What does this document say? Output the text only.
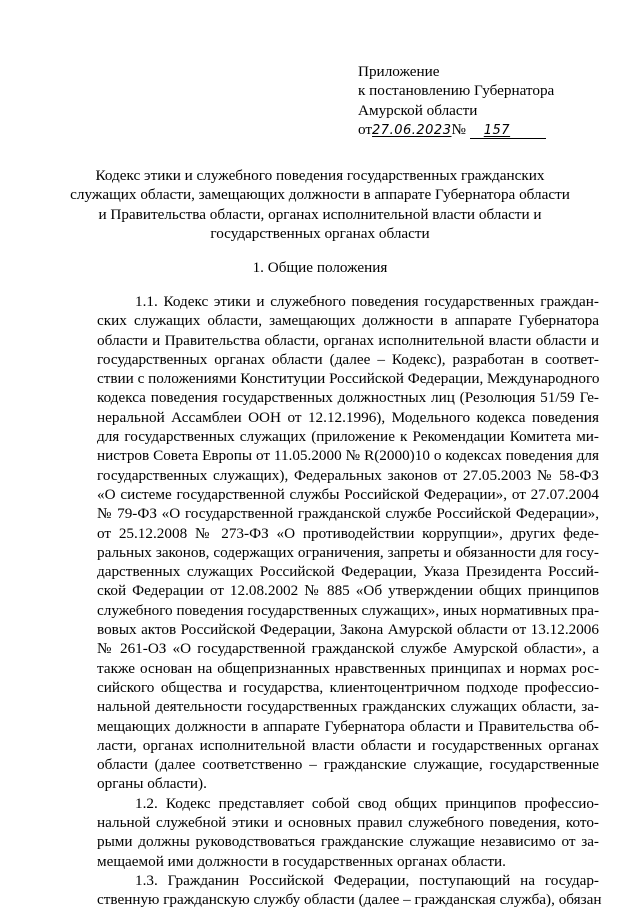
Приложение
к постановлению Губернатора
Амурской области
от27.06.2023№ 157
Кодекс этики и служебного поведения государственных гражданских
служащих области, замещающих должности в аппарате Губернатора области
и Правительства области, органах исполнительной власти области и
государственных органах области
1. Общие положения
1.1. Кодекс этики и служебного поведения государственных граждан-
ских служащих области, замещающих должности в аппарате Губернатора
области и Правительства области, органах исполнительной власти области и
государственных органах области (далее – Кодекс), разработан в соответ-
ствии с положениями Конституции Российской Федерации, Международного
кодекса поведения государственных должностных лиц (Резолюция 51/59 Ге-
неральной Ассамблеи ООН от 12.12.1996), Модельного кодекса поведения
для государственных служащих (приложение к Рекомендации Комитета ми-
нистров Совета Европы от 11.05.2000 № R(2000)10 о кодексах поведения для
государственных служащих), Федеральных законов от 27.05.2003 № 58-ФЗ
«О системе государственной службы Российской Федерации», от 27.07.2004
№ 79-ФЗ «О государственной гражданской службе Российской Федерации»,
от 25.12.2008 № 273-ФЗ «О противодействии коррупции», других феде-
ральных законов, содержащих ограничения, запреты и обязанности для госу-
дарственных служащих Российской Федерации, Указа Президента Россий-
ской Федерации от 12.08.2002 № 885 «Об утверждении общих принципов
служебного поведения государственных служащих», иных нормативных пра-
вовых актов Российской Федерации, Закона Амурской области от 13.12.2006
№ 261-ОЗ «О государственной гражданской службе Амурской области», а
также основан на общепризнанных нравственных принципах и нормах рос-
сийского общества и государства, клиентоцентричном подходе профессио-
нальной деятельности государственных гражданских служащих области, за-
мещающих должности в аппарате Губернатора области и Правительства об-
ласти, органах исполнительной власти области и государственных органах
области (далее соответственно – гражданские служащие, государственные
органы области).
1.2. Кодекс представляет собой свод общих принципов профессио-
нальной служебной этики и основных правил служебного поведения, кото-
рыми должны руководствоваться гражданские служащие независимо от за-
мещаемой ими должности в государственных органах области.
1.3. Гражданин Российской Федерации, поступающий на государ-
ственную гражданскую службу области (далее – гражданская служба), обязан
